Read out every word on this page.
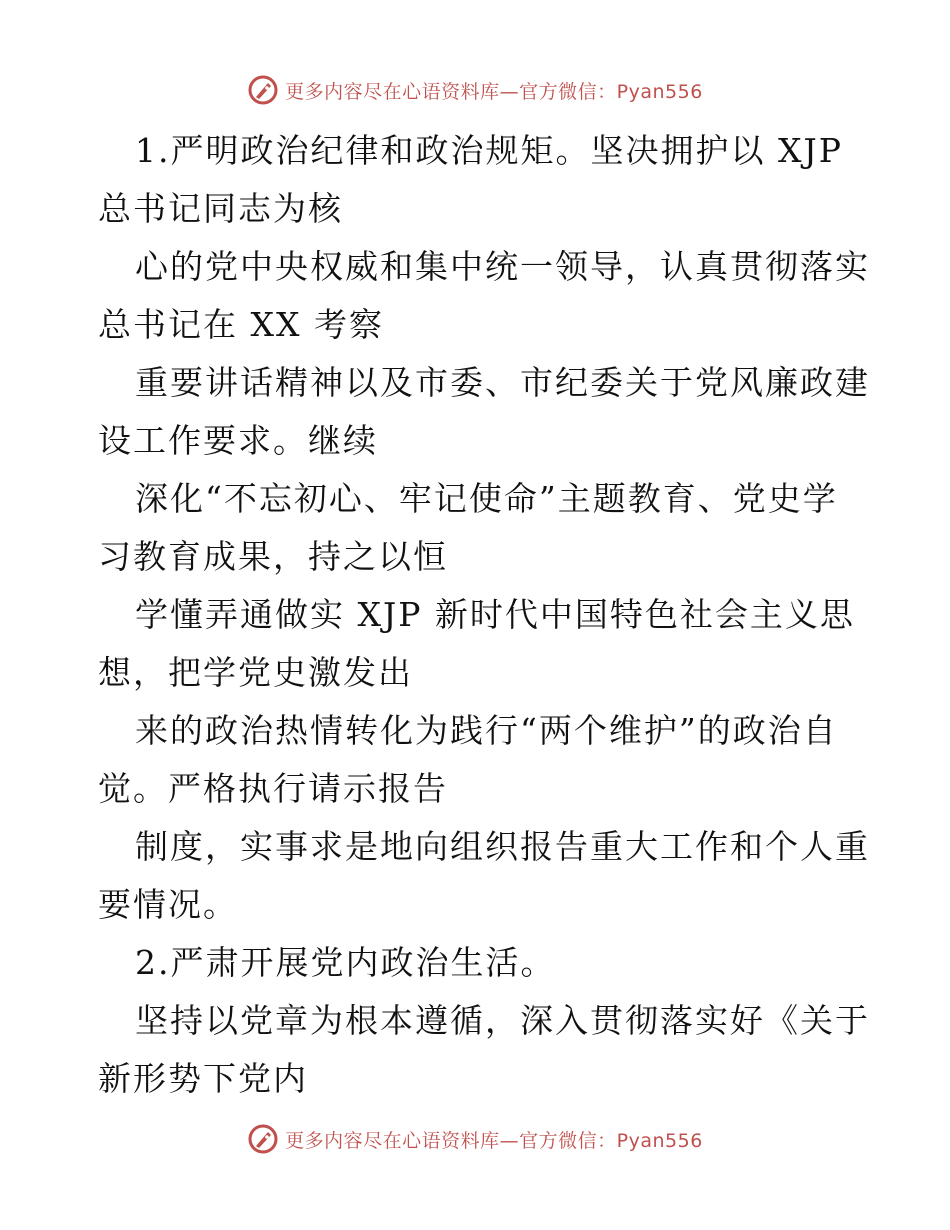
更多内容尽在心语资料库—官方微信：Pyan556
1.严明政治纪律和政治规矩。坚决拥护以 XJP
总书记同志为核
心的党中央权威和集中统一领导，认真贯彻落实
总书记在 XX 考察
重要讲话精神以及市委、市纪委关于党风廉政建
设工作要求。继续
深化“不忘初心、牢记使命”主题教育、党史学
习教育成果，持之以恒
学懂弄通做实 XJP 新时代中国特色社会主义思
想，把学党史激发出
来的政治热情转化为践行“两个维护”的政治自
觉。严格执行请示报告
制度，实事求是地向组织报告重大工作和个人重
要情况。
2.严肃开展党内政治生活。
坚持以党章为根本遵循，深入贯彻落实好《关于
新形势下党内
更多内容尽在心语资料库—官方微信：Pyan556
